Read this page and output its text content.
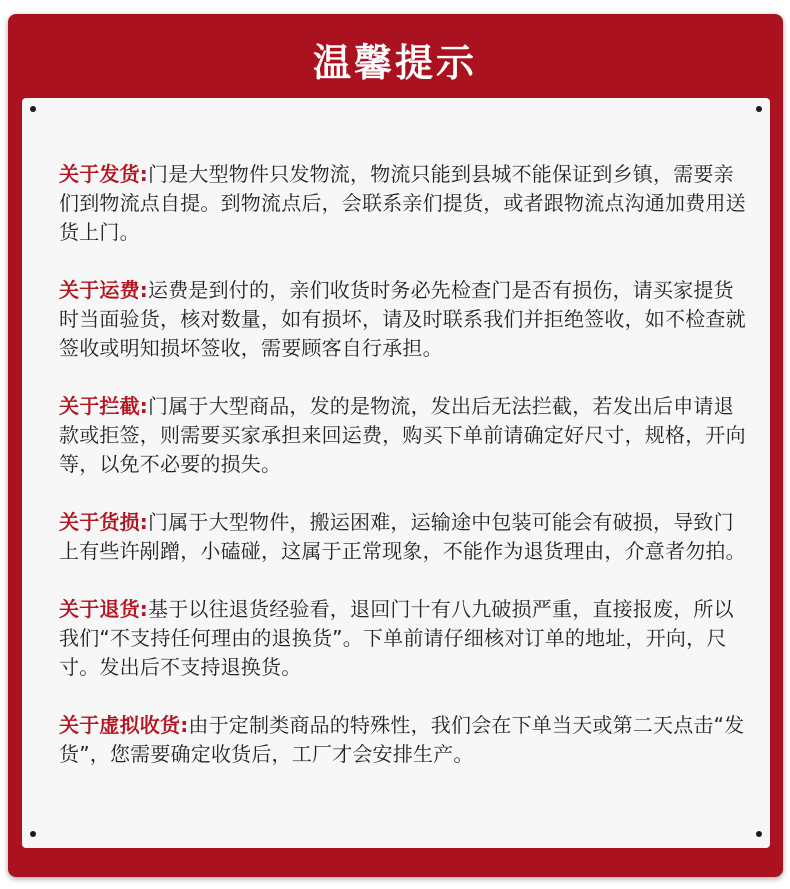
温馨提示

关于发货:门是大型物件只发物流，物流只能到县城不能保证到乡镇，需要亲们到物流点自提。到物流点后，会联系亲们提货，或者跟物流点沟通加费用送货上门。

关于运费:运费是到付的，亲们收货时务必先检查门是否有损伤，请买家提货时当面验货，核对数量，如有损坏，请及时联系我们并拒绝签收，如不检查就签收或明知损坏签收，需要顾客自行承担。

关于拦截:门属于大型商品，发的是物流，发出后无法拦截，若发出后申请退款或拒签，则需要买家承担来回运费，购买下单前请确定好尺寸，规格，开向等，以免不必要的损失。

关于货损:门属于大型物件，搬运困难，运输途中包装可能会有破损，导致门上有些许剐蹭，小磕碰，这属于正常现象，不能作为退货理由，介意者勿拍。

关于退货:基于以往退货经验看，退回门十有八九破损严重，直接报废，所以我们“不支持任何理由的退换货”。下单前请仔细核对订单的地址，开向，尺寸。发出后不支持退换货。

关于虚拟收货:由于定制类商品的特殊性，我们会在下单当天或第二天点击“发货”，您需要确定收货后，工厂才会安排生产。
